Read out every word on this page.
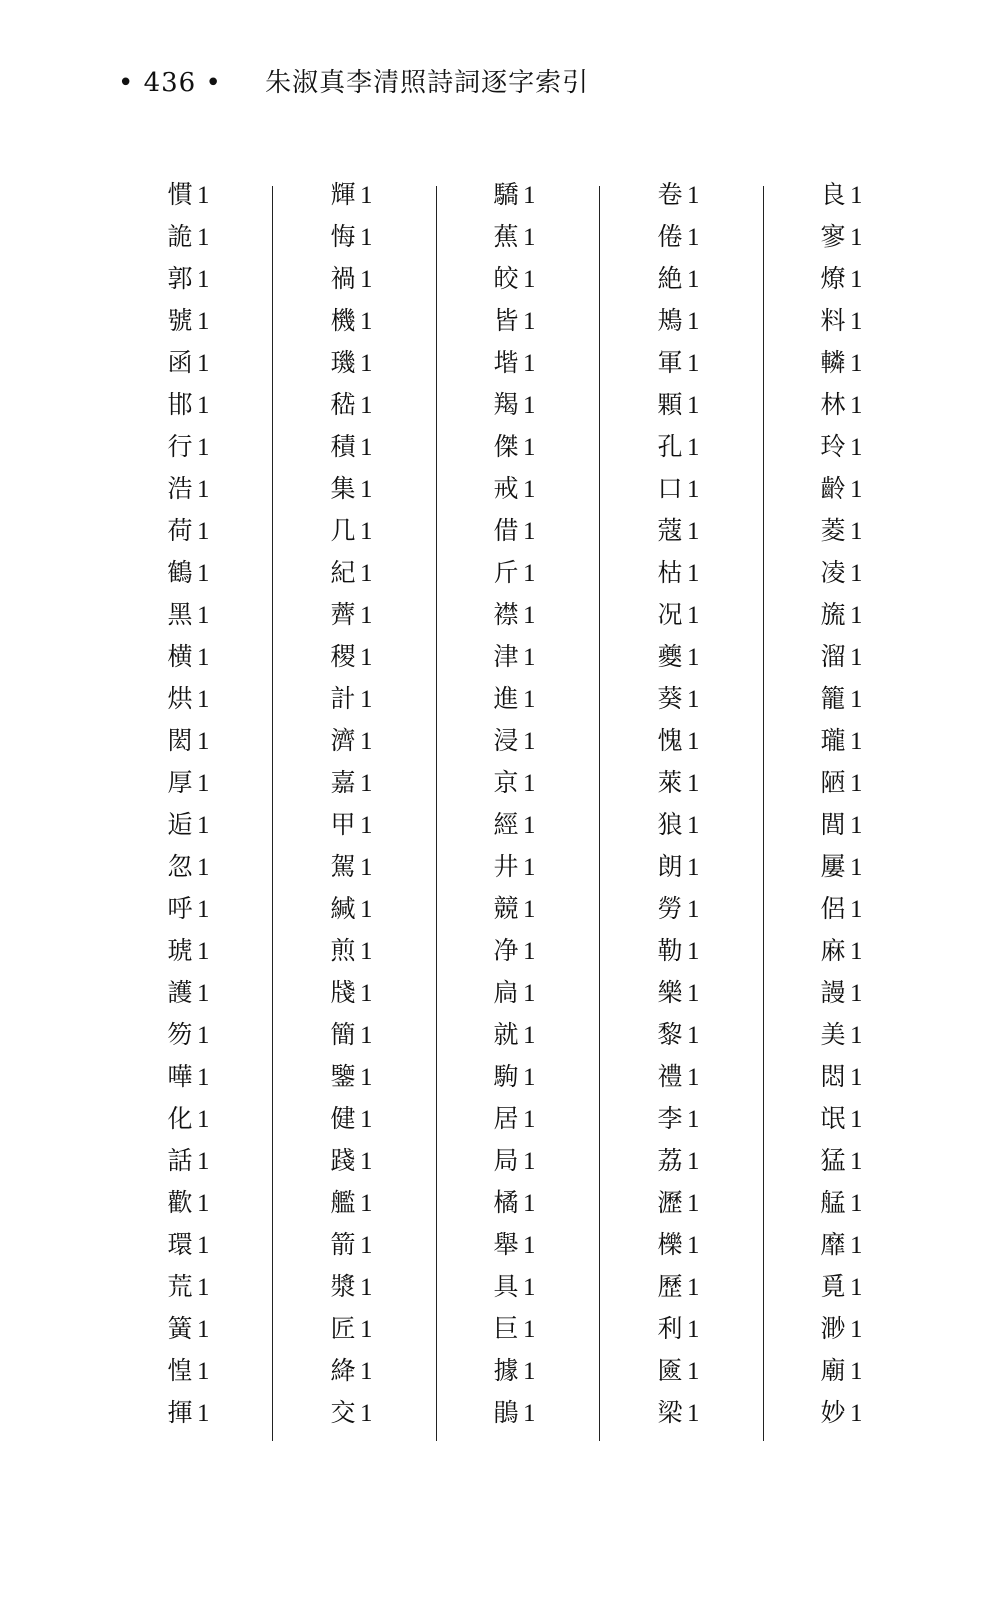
• 436 • 朱淑真李清照詩詞逐字索引
慣 1
詭 1
郭 1
號 1
函 1
邯 1
行 1
浩 1
荷 1
鶴 1
黑 1
横 1
烘 1
閎 1
厚 1
逅 1
忽 1
呼 1
琥 1
護 1
笏 1
嘩 1
化 1
話 1
歡 1
環 1
荒 1
簧 1
惶 1
揮 1
輝 1
悔 1
禍 1
機 1
璣 1
嵇 1
積 1
集 1
几 1
紀 1
薺 1
稷 1
計 1
濟 1
嘉 1
甲 1
駕 1
緘 1
煎 1
牋 1
簡 1
鑒 1
健 1
踐 1
艦 1
箭 1
漿 1
匠 1
絳 1
交 1
驕 1
蕉 1
皎 1
皆 1
堦 1
羯 1
傑 1
戒 1
借 1
斤 1
襟 1
津 1
進 1
浸 1
京 1
經 1
井 1
競 1
净 1
扃 1
就 1
駒 1
居 1
局 1
橘 1
舉 1
具 1
巨 1
據 1
鵑 1
卷 1
倦 1
絶 1
鴂 1
軍 1
顆 1
孔 1
口 1
蔻 1
枯 1
况 1
夔 1
葵 1
愧 1
萊 1
狼 1
朗 1
勞 1
勒 1
樂 1
黎 1
禮 1
李 1
荔 1
瀝 1
櫟 1
歷 1
利 1
匳 1
梁 1
良 1
寥 1
燎 1
料 1
轔 1
林 1
玲 1
齡 1
菱 1
凌 1
旒 1
溜 1
籠 1
瓏 1
陋 1
閭 1
屢 1
侶 1
麻 1
謾 1
美 1
悶 1
氓 1
猛 1
艋 1
靡 1
覓 1
渺 1
廟 1
妙 1
